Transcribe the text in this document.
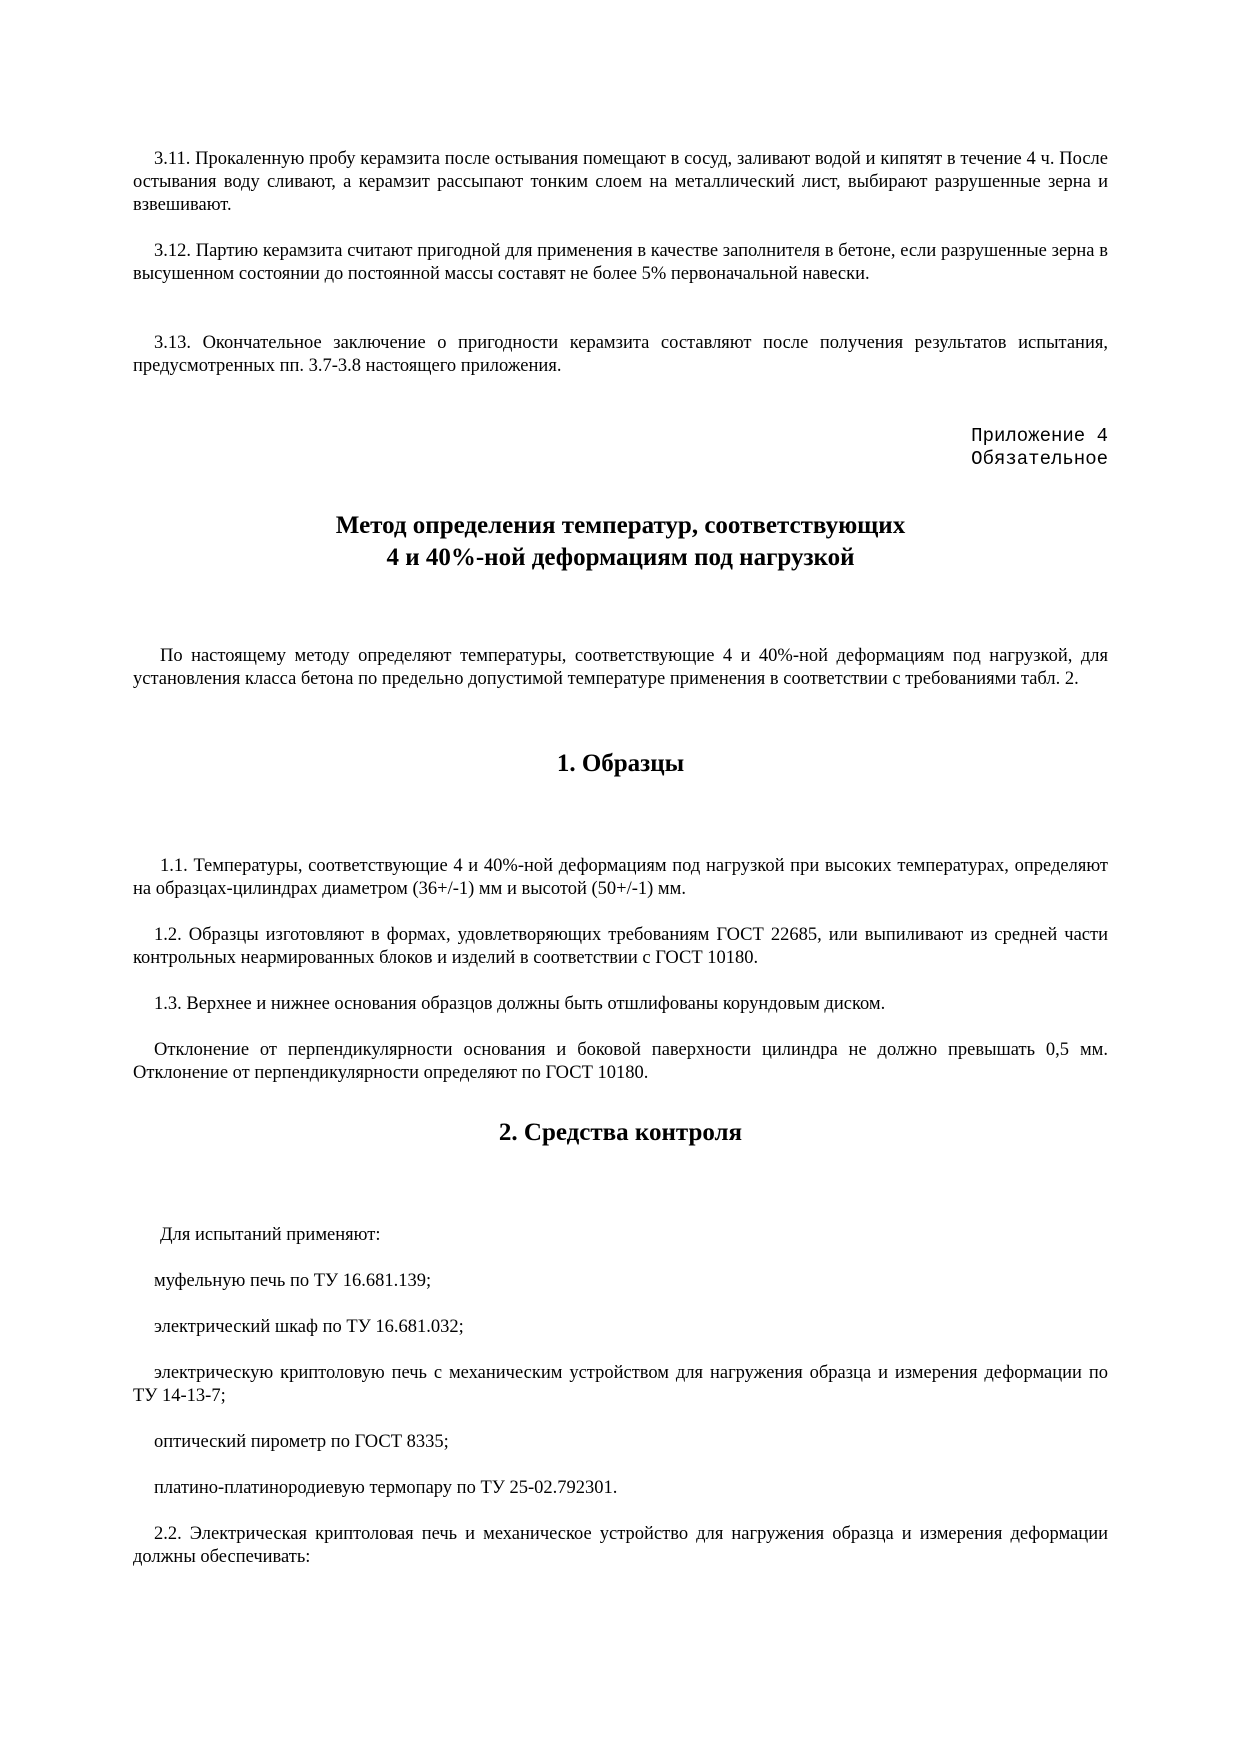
3.11. Прокаленную пробу керамзита после остывания помещают в сосуд, заливают водой и кипятят в течение 4 ч. После остывания воду сливают, а керамзит рассыпают тонким слоем на металлический лист, выбирают разрушенные зерна и взвешивают.

3.12. Партию керамзита считают пригодной для применения в качестве заполнителя в бетоне, если разрушенные зерна в высушенном состоянии до постоянной массы составят не более 5% первоначальной навески.

3.13. Окончательное заключение о пригодности керамзита составляют после получения результатов испытания, предусмотренных пп. 3.7-3.8 настоящего приложения.

Приложение 4
Обязательное
Метод определения температур, соответствующих
4 и 40%-ной деформациям под нагрузкой

По настоящему методу определяют температуры, соответствующие 4 и 40%-ной деформациям под нагрузкой, для установления класса бетона по предельно допустимой температуре применения в соответствии с требованиями табл. 2.

1. Образцы

1.1. Температуры, соответствующие 4 и 40%-ной деформациям под нагрузкой при высоких температурах, определяют на образцах-цилиндрах диаметром (36+/-1) мм и высотой (50+/-1) мм.

1.2. Образцы изготовляют в формах, удовлетворяющих требованиям ГОСТ 22685, или выпиливают из средней части контрольных неармированных блоков и изделий в соответствии с ГОСТ 10180.

1.3. Верхнее и нижнее основания образцов должны быть отшлифованы корундовым диском.

Отклонение от перпендикулярности основания и боковой паверхности цилиндра не должно превышать 0,5 мм. Отклонение от перпендикулярности определяют по ГОСТ 10180.

2. Средства контроля

Для испытаний применяют:

муфельную печь по ТУ 16.681.139;

электрический шкаф по ТУ 16.681.032;

электрическую криптоловую печь с механическим устройством для нагружения образца и измерения деформации по ТУ 14-13-7;

оптический пирометр по ГОСТ 8335;

платино-платинородиевую термопару по ТУ 25-02.792301.

2.2. Электрическая криптоловая печь и механическое устройство для нагружения образца и измерения деформации должны обеспечивать:
